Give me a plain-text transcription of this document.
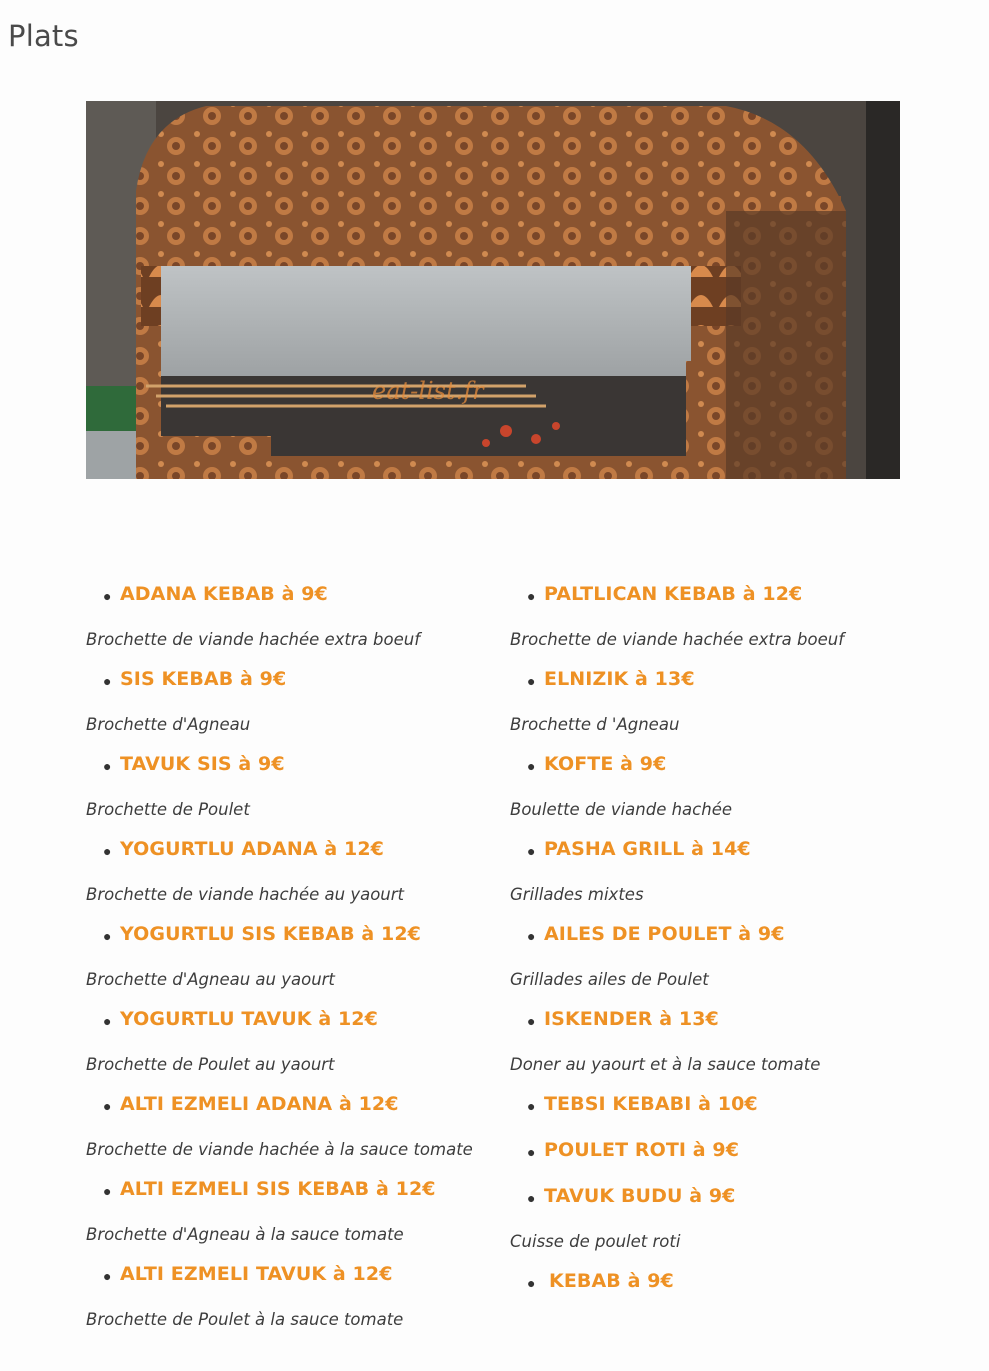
Plats
eat-list.fr
● ADANA KEBAB à 9€
Brochette de viande hachée extra boeuf
● SIS KEBAB à 9€
Brochette d'Agneau
● TAVUK SIS à 9€
Brochette de Poulet
● YOGURTLU ADANA à 12€
Brochette de viande hachée au yaourt
● YOGURTLU SIS KEBAB à 12€
Brochette d'Agneau au yaourt
● YOGURTLU TAVUK à 12€
Brochette de Poulet au yaourt
● ALTI EZMELI ADANA à 12€
Brochette de viande hachée à la sauce tomate
● ALTI EZMELI SIS KEBAB à 12€
Brochette d'Agneau à la sauce tomate
● ALTI EZMELI TAVUK à 12€
Brochette de Poulet à la sauce tomate
● PALTLICAN KEBAB à 12€
Brochette de viande hachée extra boeuf
● ELNIZIK à 13€
Brochette d 'Agneau
● KOFTE à 9€
Boulette de viande hachée
● PASHA GRILL à 14€
Grillades mixtes
● AILES DE POULET à 9€
Grillades ailes de Poulet
● ISKENDER à 13€
Doner au yaourt et à la sauce tomate
● TEBSI KEBABI à 10€
● POULET ROTI à 9€
● TAVUK BUDU à 9€
Cuisse de poulet roti
● KEBAB à 9€
